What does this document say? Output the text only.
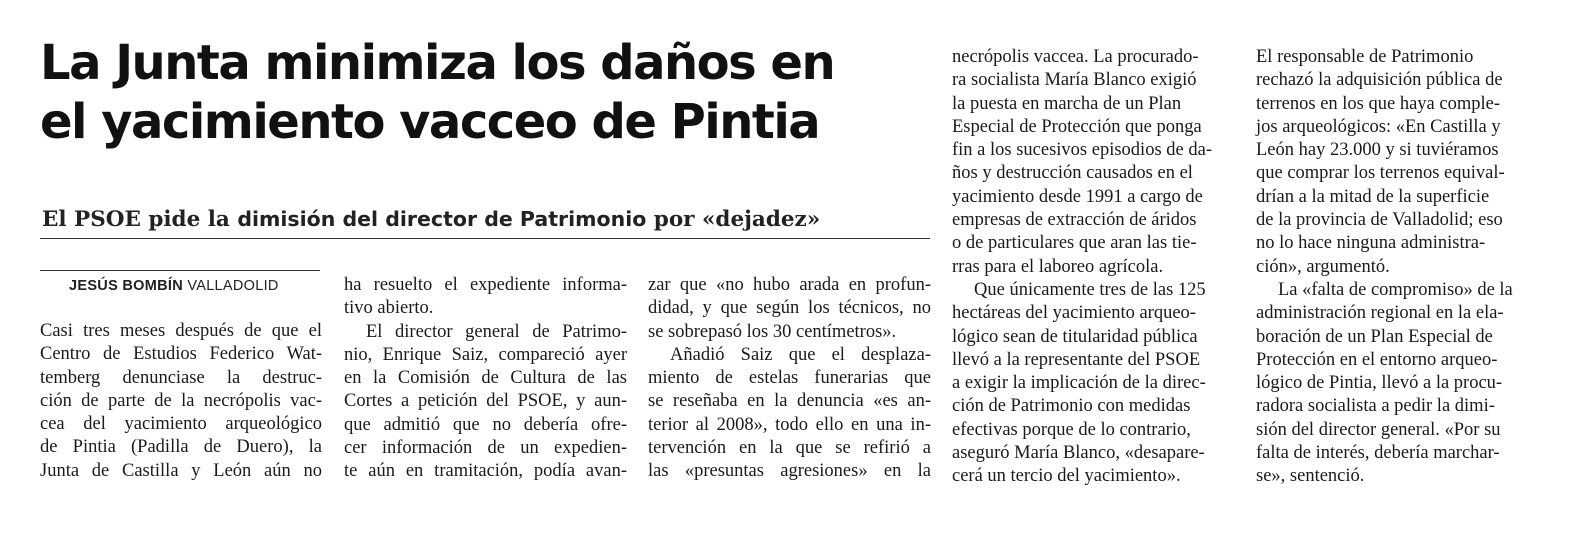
La Junta minimiza los daños en
el yacimiento vacceo de Pintia
El PSOE pide la dimisión del director de Patrimonio por «dejadez»

JESÚS BOMBÍN VALLADOLID

Casi tres meses después de que el
Centro de Estudios Federico Wat-
temberg denunciase la destruc-
ción de parte de la necrópolis vac-
cea del yacimiento arqueológico
de Pintia (Padilla de Duero), la
Junta de Castilla y León aún no

ha resuelto el expediente informa-
tivo abierto.

El director general de Patrimo-
nio, Enrique Saiz, compareció ayer
en la Comisión de Cultura de las
Cortes a petición del PSOE, y aun-
que admitió que no debería ofre-
cer información de un expedien-
te aún en tramitación, podía avan-

zar que «no hubo arada en profun-
didad, y que según los técnicos, no
se sobrepasó los 30 centímetros».

Añadió Saiz que el desplaza-
miento de estelas funerarias que
se reseñaba en la denuncia «es an-
terior al 2008», todo ello en una in-
tervención en la que se refirió a
las «presuntas agresiones» en la

necrópolis vaccea. La procurado-
ra socialista María Blanco exigió
la puesta en marcha de un Plan
Especial de Protección que ponga
fin a los sucesivos episodios de da-
ños y destrucción causados en el
yacimiento desde 1991 a cargo de
empresas de extracción de áridos
o de particulares que aran las tie-
rras para el laboreo agrícola.

Que únicamente tres de las 125
hectáreas del yacimiento arqueo-
lógico sean de titularidad pública
llevó a la representante del PSOE
a exigir la implicación de la direc-
ción de Patrimonio con medidas
efectivas porque de lo contrario,
aseguró María Blanco, «desapare-
cerá un tercio del yacimiento».

El responsable de Patrimonio
rechazó la adquisición pública de
terrenos en los que haya comple-
jos arqueológicos: «En Castilla y
León hay 23.000 y si tuviéramos
que comprar los terrenos equival-
drían a la mitad de la superficie
de la provincia de Valladolid; eso
no lo hace ninguna administra-
ción», argumentó.

La «falta de compromiso» de la
administración regional en la ela-
boración de un Plan Especial de
Protección en el entorno arqueo-
lógico de Pintia, llevó a la procu-
radora socialista a pedir la dimi-
sión del director general. «Por su
falta de interés, debería marchar-
se», sentenció.
